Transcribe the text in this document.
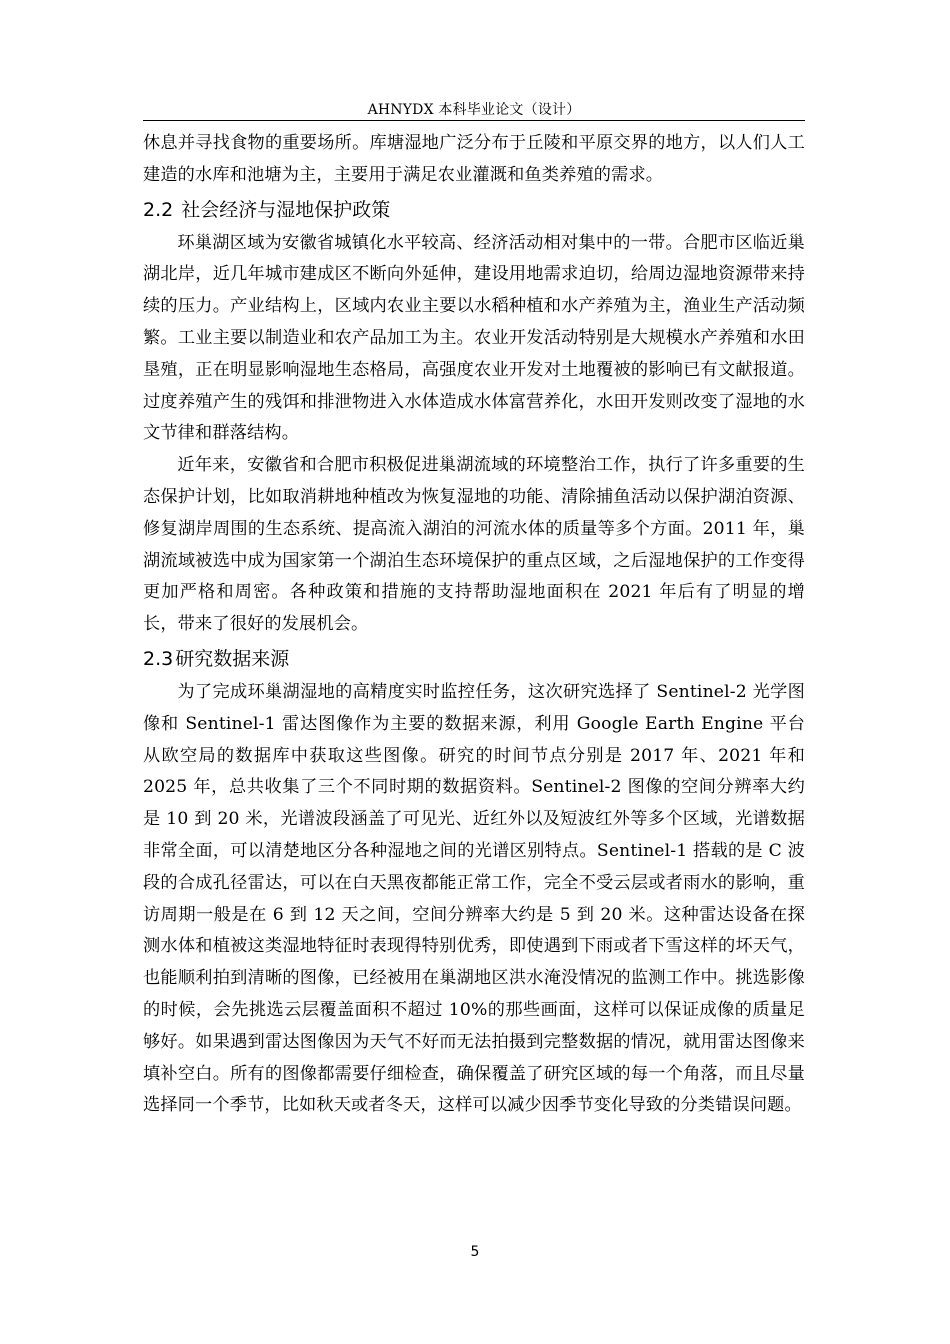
AHNYDX 本科毕业论文（设计）

休息并寻找食物的重要场所。库塘湿地广泛分布于丘陵和平原交界的地方，以人们人工建造的水库和池塘为主，主要用于满足农业灌溉和鱼类养殖的需求。

2.2 社会经济与湿地保护政策

环巢湖区域为安徽省城镇化水平较高、经济活动相对集中的一带。合肥市区临近巢湖北岸，近几年城市建成区不断向外延伸，建设用地需求迫切，给周边湿地资源带来持续的压力。产业结构上，区域内农业主要以水稻种植和水产养殖为主，渔业生产活动频繁。工业主要以制造业和农产品加工为主。农业开发活动特别是大规模水产养殖和水田垦殖，正在明显影响湿地生态格局，高强度农业开发对土地覆被的影响已有文献报道。过度养殖产生的残饵和排泄物进入水体造成水体富营养化，水田开发则改变了湿地的水文节律和群落结构。

近年来，安徽省和合肥市积极促进巢湖流域的环境整治工作，执行了许多重要的生态保护计划，比如取消耕地种植改为恢复湿地的功能、清除捕鱼活动以保护湖泊资源、修复湖岸周围的生态系统、提高流入湖泊的河流水体的质量等多个方面。2011 年，巢湖流域被选中成为国家第一个湖泊生态环境保护的重点区域，之后湿地保护的工作变得更加严格和周密。各种政策和措施的支持帮助湿地面积在 2021 年后有了明显的增长，带来了很好的发展机会。

2.3 研究数据来源

为了完成环巢湖湿地的高精度实时监控任务，这次研究选择了 Sentinel-2 光学图像和 Sentinel-1 雷达图像作为主要的数据来源，利用 Google Earth Engine 平台从欧空局的数据库中获取这些图像。研究的时间节点分别是 2017 年、2021 年和 2025 年，总共收集了三个不同时期的数据资料。Sentinel-2 图像的空间分辨率大约是 10 到 20 米，光谱波段涵盖了可见光、近红外以及短波红外等多个区域，光谱数据非常全面，可以清楚地区分各种湿地之间的光谱区别特点。Sentinel-1 搭载的是 C 波段的合成孔径雷达，可以在白天黑夜都能正常工作，完全不受云层或者雨水的影响，重访周期一般是在 6 到 12 天之间，空间分辨率大约是 5 到 20 米。这种雷达设备在探测水体和植被这类湿地特征时表现得特别优秀，即使遇到下雨或者下雪这样的坏天气，也能顺利拍到清晰的图像，已经被用在巢湖地区洪水淹没情况的监测工作中。挑选影像的时候，会先挑选云层覆盖面积不超过 10%的那些画面，这样可以保证成像的质量足够好。如果遇到雷达图像因为天气不好而无法拍摄到完整数据的情况，就用雷达图像来填补空白。所有的图像都需要仔细检查，确保覆盖了研究区域的每一个角落，而且尽量选择同一个季节，比如秋天或者冬天，这样可以减少因季节变化导致的分类错误问题。

5
